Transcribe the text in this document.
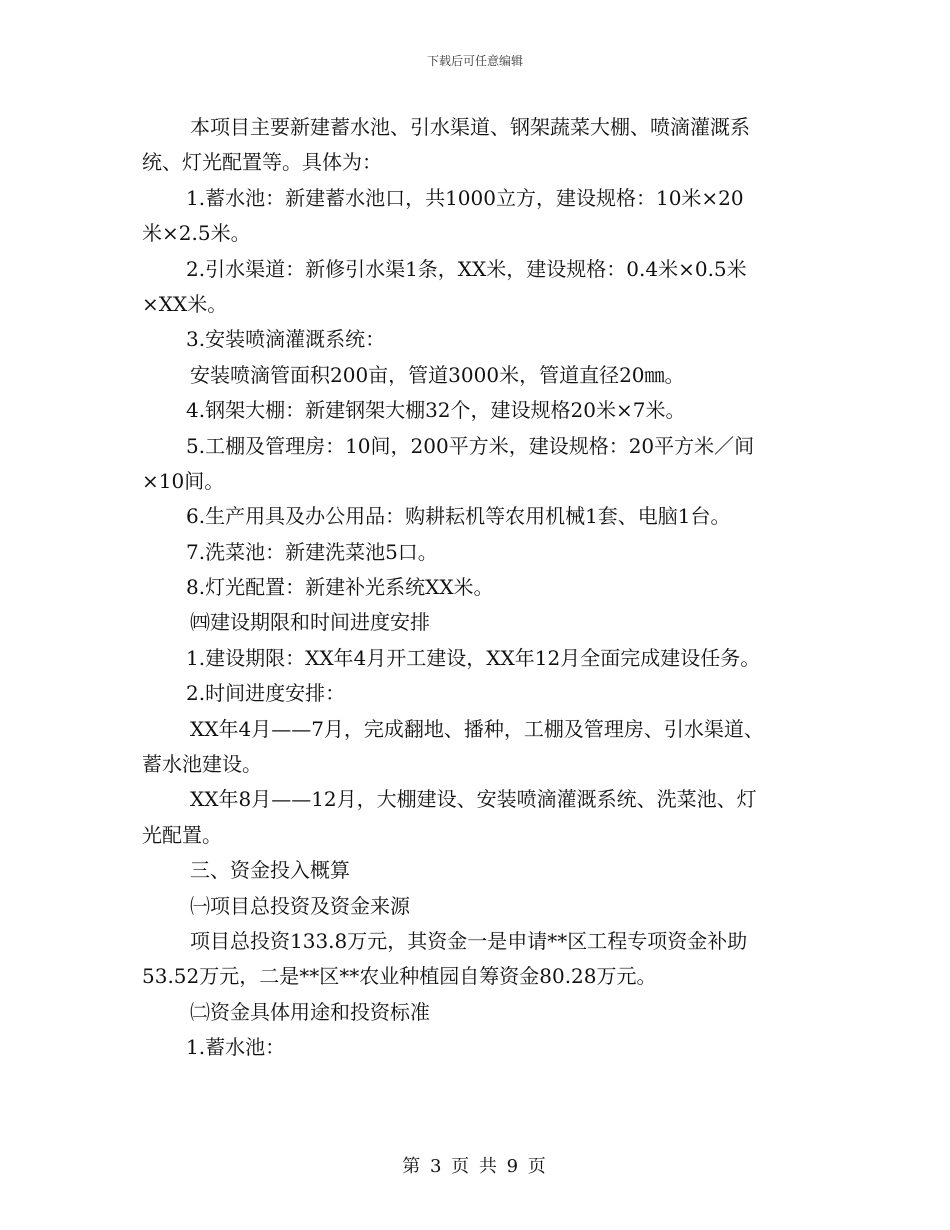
下载后可任意编辑
本项目主要新建蓄水池、引水渠道、钢架蔬菜大棚、喷滴灌溉系
统、灯光配置等。具体为：
1.蓄水池：新建蓄水池口，共1000立方，建设规格：10米×20
米×2.5米。
2.引水渠道：新修引水渠1条，XX米，建设规格：0.4米×0.5米
×XX米。
3.安装喷滴灌溉系统：
安装喷滴管面积200亩，管道3000米，管道直径20㎜。
4.钢架大棚：新建钢架大棚32个，建设规格20米×7米。
5.工棚及管理房：10间，200平方米，建设规格：20平方米／间
×10间。
6.生产用具及办公用品：购耕耘机等农用机械1套、电脑1台。
7.洗菜池：新建洗菜池5口。
8.灯光配置：新建补光系统XX米。
㈣建设期限和时间进度安排
1.建设期限：XX年4月开工建设，XX年12月全面完成建设任务。
2.时间进度安排：
XX年4月——7月，完成翻地、播种，工棚及管理房、引水渠道、
蓄水池建设。
XX年8月——12月，大棚建设、安装喷滴灌溉系统、洗菜池、灯
光配置。
三、资金投入概算
㈠项目总投资及资金来源
项目总投资133.8万元，其资金一是申请**区工程专项资金补助
53.52万元，二是**区**农业种植园自筹资金80.28万元。
㈡资金具体用途和投资标准
1.蓄水池：
第 3 页 共 9 页
